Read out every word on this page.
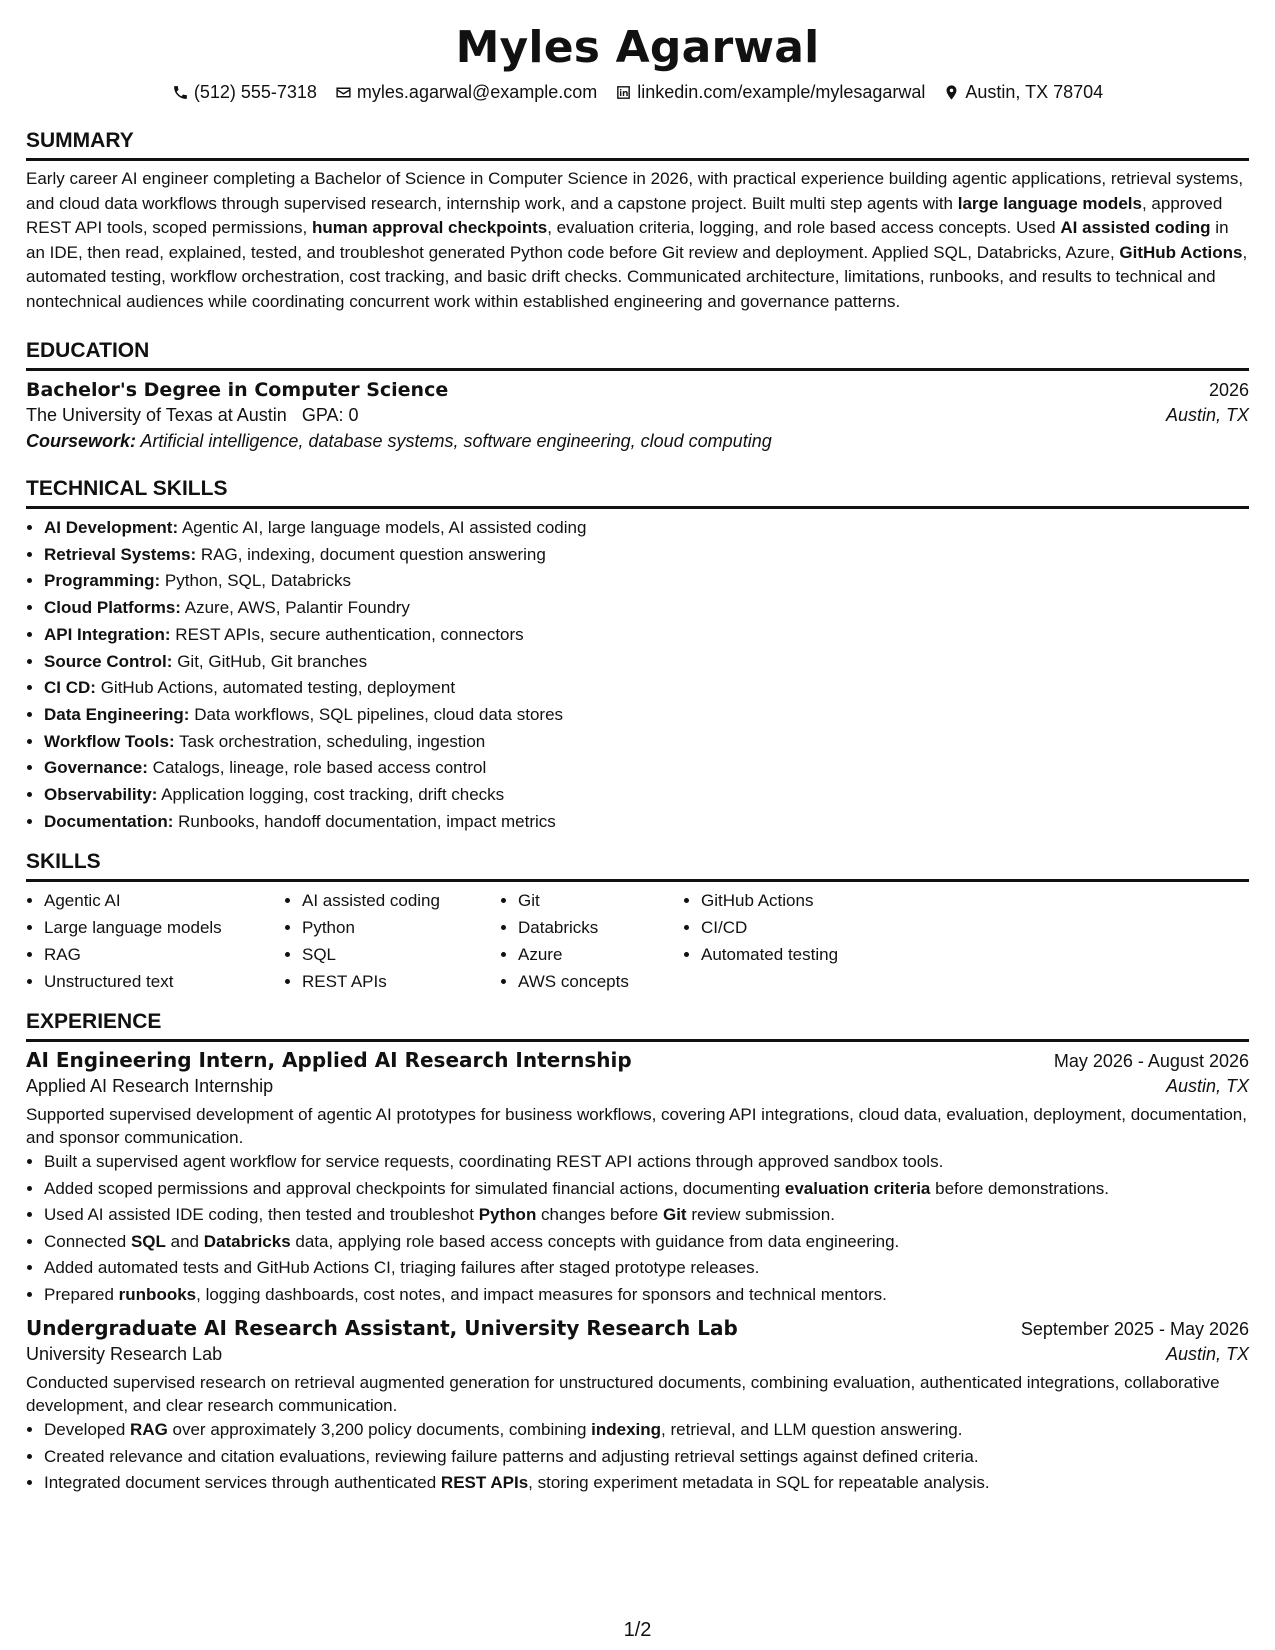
Myles Agarwal
(512) 555-7318 myles.agarwal@example.com linkedin.com/example/mylesagarwal Austin, TX 78704
SUMMARY

Early career AI engineer completing a Bachelor of Science in Computer Science in 2026, with practical experience building agentic applications, retrieval systems, and cloud data workflows through supervised research, internship work, and a capstone project. Built multi step agents with large language models, approved REST API tools, scoped permissions, human approval checkpoints, evaluation criteria, logging, and role based access concepts. Used AI assisted coding in an IDE, then read, explained, tested, and troubleshot generated Python code before Git review and deployment. Applied SQL, Databricks, Azure, GitHub Actions, automated testing, workflow orchestration, cost tracking, and basic drift checks. Communicated architecture, limitations, runbooks, and results to technical and nontechnical audiences while coordinating concurrent work within established engineering and governance patterns.

EDUCATION
Bachelor's Degree in Computer Science	2026
The University of Texas at Austin GPA: 0	Austin, TX
Coursework: Artificial intelligence, database systems, software engineering, cloud computing
TECHNICAL SKILLS
• AI Development: Agentic AI, large language models, AI assisted coding
• Retrieval Systems: RAG, indexing, document question answering
• Programming: Python, SQL, Databricks
• Cloud Platforms: Azure, AWS, Palantir Foundry
• API Integration: REST APIs, secure authentication, connectors
• Source Control: Git, GitHub, Git branches
• CI CD: GitHub Actions, automated testing, deployment
• Data Engineering: Data workflows, SQL pipelines, cloud data stores
• Workflow Tools: Task orchestration, scheduling, ingestion
• Governance: Catalogs, lineage, role based access control
• Observability: Application logging, cost tracking, drift checks
• Documentation: Runbooks, handoff documentation, impact metrics
SKILLS
• Agentic AI
• Large language models
• RAG
• Unstructured text
• AI assisted coding
• Python
• SQL
• REST APIs
• Git
• Databricks
• Azure
• AWS concepts
• GitHub Actions
• CI/CD
• Automated testing
EXPERIENCE
AI Engineering Intern, Applied AI Research Internship	May 2026 - August 2026
Applied AI Research Internship	Austin, TX

Supported supervised development of agentic AI prototypes for business workflows, covering API integrations, cloud data, evaluation, deployment, documentation, and sponsor communication.

• Built a supervised agent workflow for service requests, coordinating REST API actions through approved sandbox tools.
• Added scoped permissions and approval checkpoints for simulated financial actions, documenting evaluation criteria before demonstrations.
• Used AI assisted IDE coding, then tested and troubleshot Python changes before Git review submission.
• Connected SQL and Databricks data, applying role based access concepts with guidance from data engineering.
• Added automated tests and GitHub Actions CI, triaging failures after staged prototype releases.
• Prepared runbooks, logging dashboards, cost notes, and impact measures for sponsors and technical mentors.
Undergraduate AI Research Assistant, University Research Lab	September 2025 - May 2026
University Research Lab	Austin, TX

Conducted supervised research on retrieval augmented generation for unstructured documents, combining evaluation, authenticated integrations, collaborative development, and clear research communication.

• Developed RAG over approximately 3,200 policy documents, combining indexing, retrieval, and LLM question answering.
• Created relevance and citation evaluations, reviewing failure patterns and adjusting retrieval settings against defined criteria.
• Integrated document services through authenticated REST APIs, storing experiment metadata in SQL for repeatable analysis.
1/2
